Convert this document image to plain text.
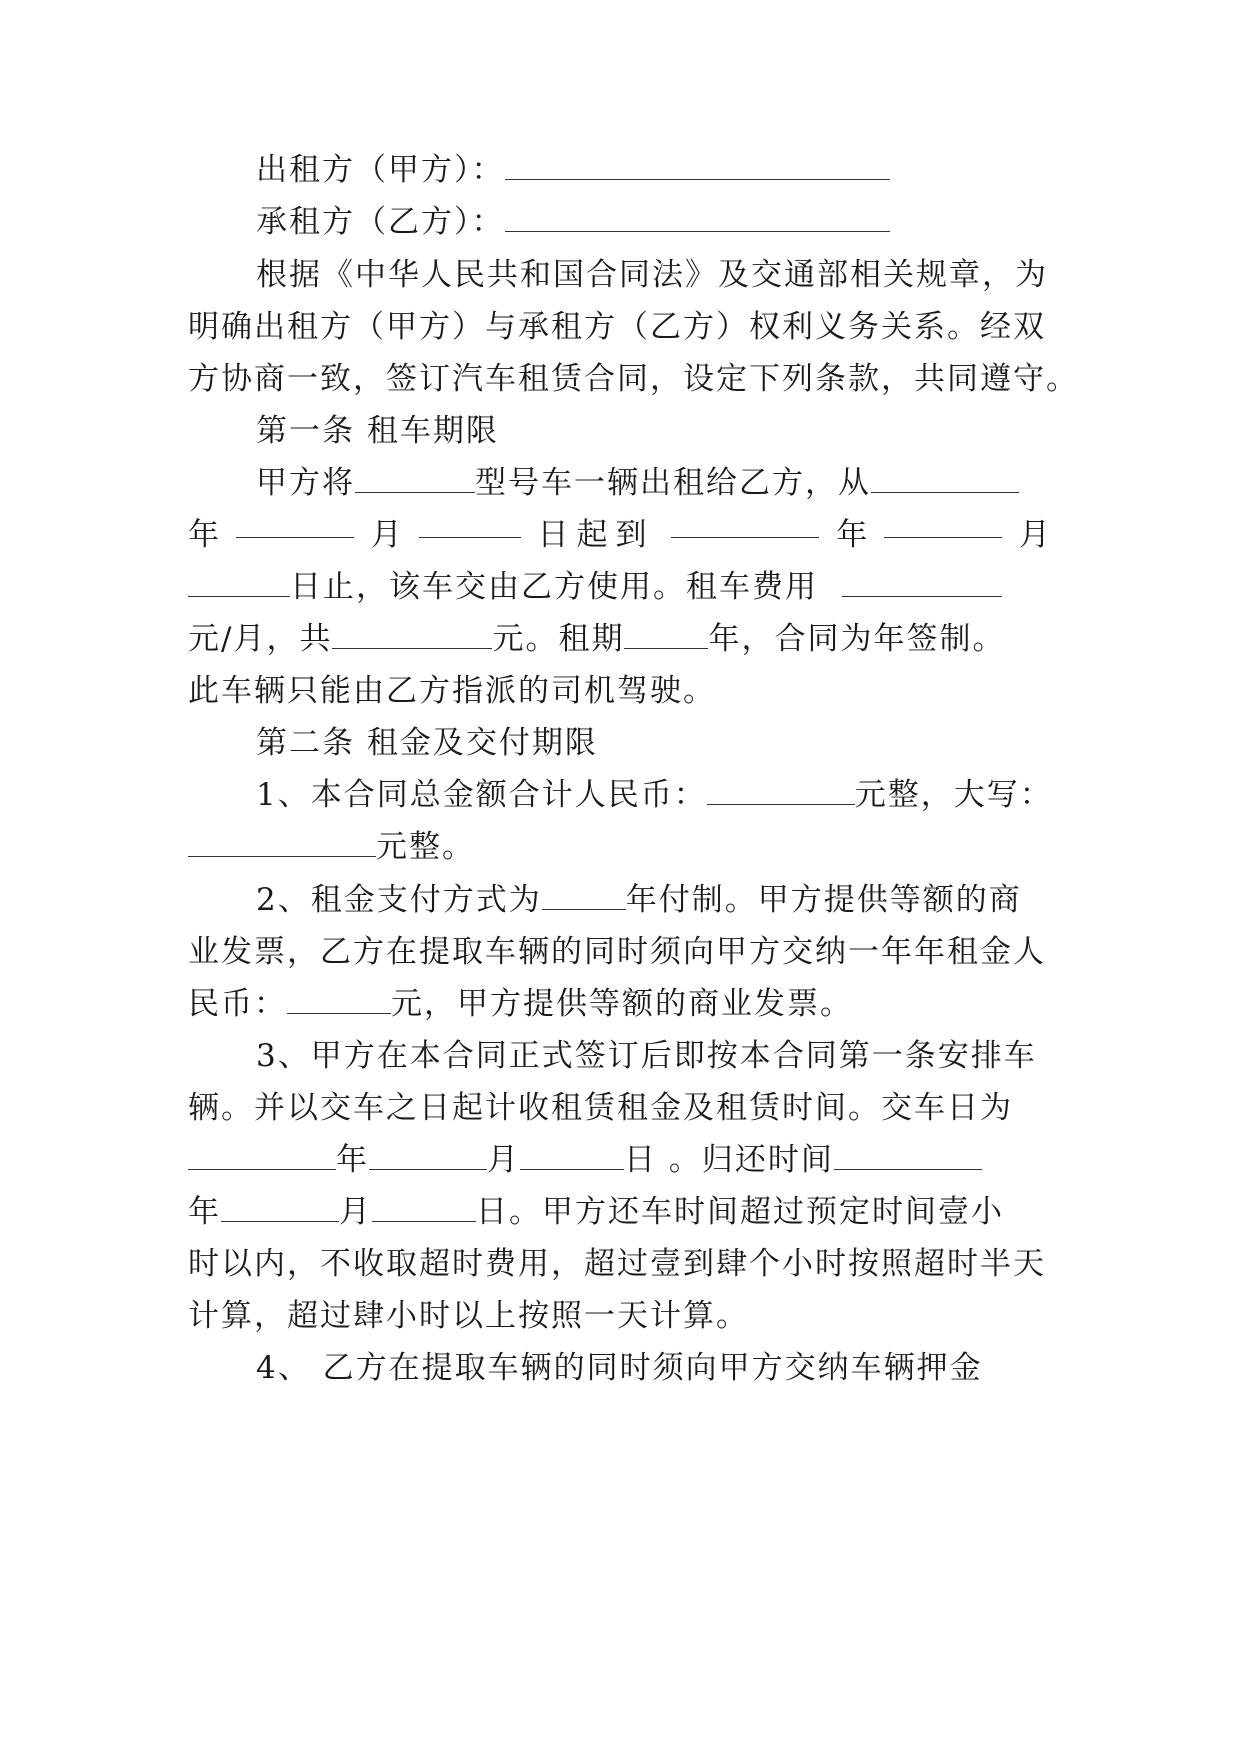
出租方（甲方）：
承租方（乙方）：
根据《中华人民共和国合同法》及交通部相关规章，为
明确出租方（甲方）与承租方（乙方）权利义务关系。经双
方协商一致，签订汽车租赁合同，设定下列条款，共同遵守。
第一条 租车期限
甲方将	型号车一辆出租给乙方，从
年	月	日起到	年	月
日止，该车交由乙方使用。租车费用
元/月，共	元。租期	年，合同为年签制。
此车辆只能由乙方指派的司机驾驶。
第二条 租金及交付期限
1、本合同总金额合计人民币：	元整，大写：
元整。
2、租金支付方式为	年付制。甲方提供等额的商
业发票，乙方在提取车辆的同时须向甲方交纳一年年租金人
民币：	元，甲方提供等额的商业发票。
3、甲方在本合同正式签订后即按本合同第一条安排车
辆。并以交车之日起计收租赁租金及租赁时间。交车日为
年	月	日 。归还时间
年	月	日。甲方还车时间超过预定时间壹小
时以内，不收取超时费用，超过壹到肆个小时按照超时半天
计算，超过肆小时以上按照一天计算。
4、 乙方在提取车辆的同时须向甲方交纳车辆押金
